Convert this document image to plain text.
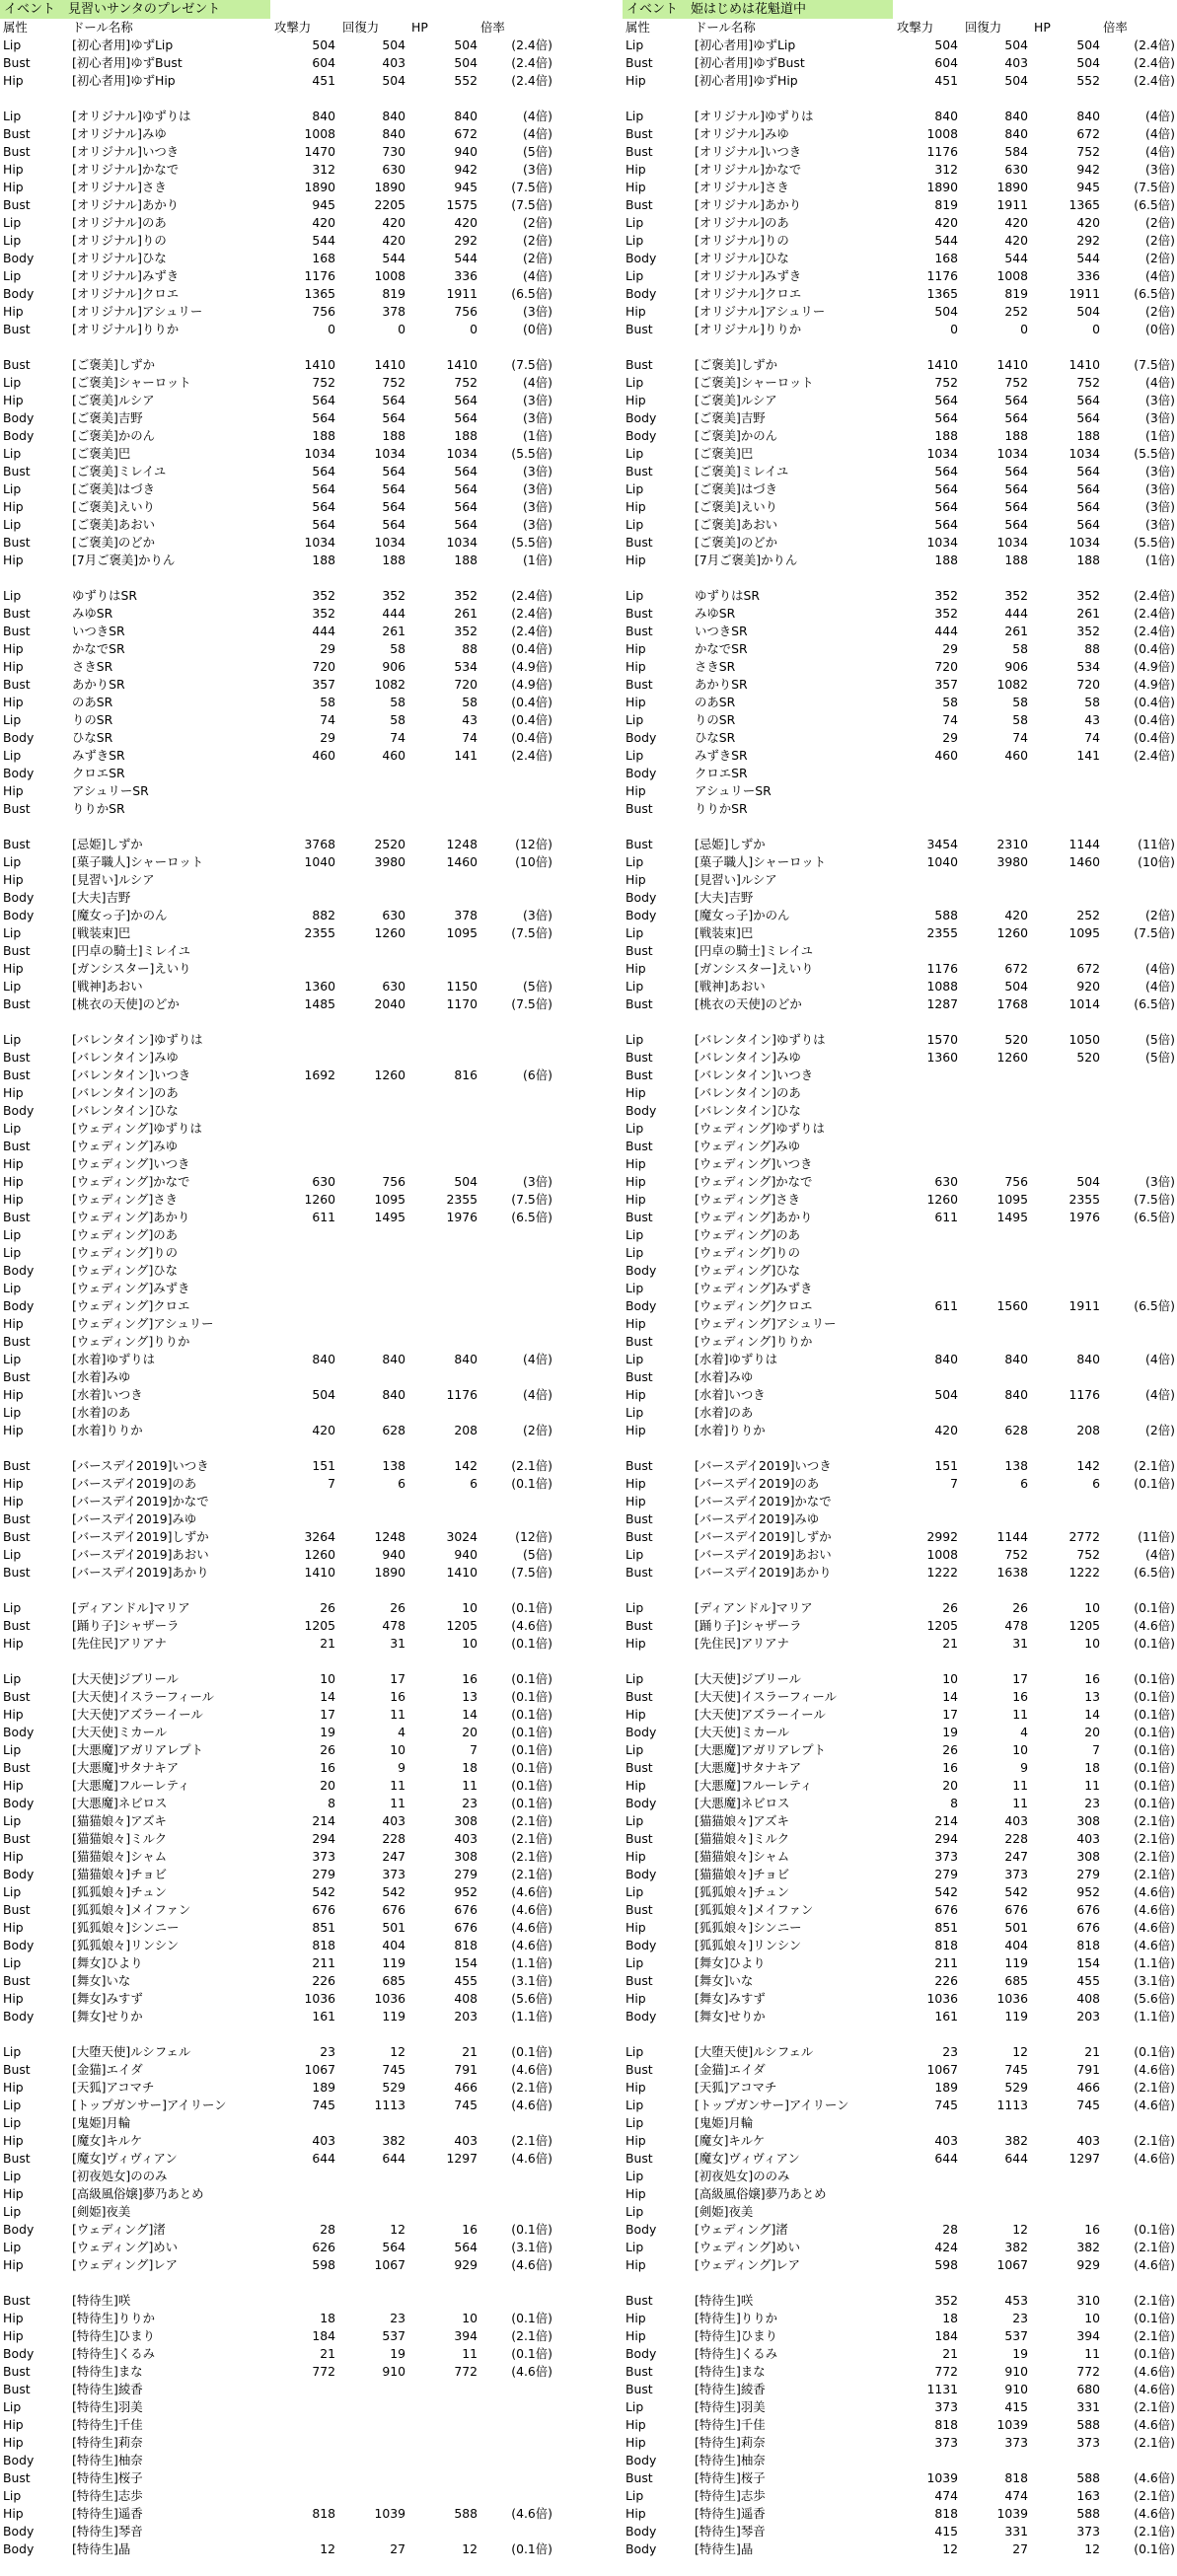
イベント 見習いサンタのプレゼント
属性	ドール名称	攻撃力	回復力	HP	倍率
Lip	[初心者用]ゆずLip	504	504	504	(2.4倍)
Bust	[初心者用]ゆずBust	604	403	504	(2.4倍)
Hip	[初心者用]ゆずHip	451	504	552	(2.4倍)
Lip	[オリジナル]ゆずりは	840	840	840	(4倍)
Bust	[オリジナル]みゆ	1008	840	672	(4倍)
Bust	[オリジナル]いつき	1470	730	940	(5倍)
Hip	[オリジナル]かなで	312	630	942	(3倍)
Hip	[オリジナル]さき	1890	1890	945	(7.5倍)
Bust	[オリジナル]あかり	945	2205	1575	(7.5倍)
Lip	[オリジナル]のあ	420	420	420	(2倍)
Lip	[オリジナル]りの	544	420	292	(2倍)
Body	[オリジナル]ひな	168	544	544	(2倍)
Lip	[オリジナル]みずき	1176	1008	336	(4倍)
Body	[オリジナル]クロエ	1365	819	1911	(6.5倍)
Hip	[オリジナル]アシュリー	756	378	756	(3倍)
Bust	[オリジナル]りりか	0	0	0	(0倍)
Bust	[ご褒美]しずか	1410	1410	1410	(7.5倍)
Lip	[ご褒美]シャーロット	752	752	752	(4倍)
Hip	[ご褒美]ルシア	564	564	564	(3倍)
Body	[ご褒美]吉野	564	564	564	(3倍)
Body	[ご褒美]かのん	188	188	188	(1倍)
Lip	[ご褒美]巴	1034	1034	1034	(5.5倍)
Bust	[ご褒美]ミレイユ	564	564	564	(3倍)
Lip	[ご褒美]はづき	564	564	564	(3倍)
Hip	[ご褒美]えいり	564	564	564	(3倍)
Lip	[ご褒美]あおい	564	564	564	(3倍)
Bust	[ご褒美]のどか	1034	1034	1034	(5.5倍)
Hip	[7月ご褒美]かりん	188	188	188	(1倍)
Lip	ゆずりはSR	352	352	352	(2.4倍)
Bust	みゆSR	352	444	261	(2.4倍)
Bust	いつきSR	444	261	352	(2.4倍)
Hip	かなでSR	29	58	88	(0.4倍)
Hip	さきSR	720	906	534	(4.9倍)
Bust	あかりSR	357	1082	720	(4.9倍)
Hip	のあSR	58	58	58	(0.4倍)
Lip	りのSR	74	58	43	(0.4倍)
Body	ひなSR	29	74	74	(0.4倍)
Lip	みずきSR	460	460	141	(2.4倍)
Body	クロエSR
Hip	アシュリーSR
Bust	りりかSR
Bust	[忌姫]しずか	3768	2520	1248	(12倍)
Lip	[菓子職人]シャーロット	1040	3980	1460	(10倍)
Hip	[見習い]ルシア
Body	[大夫]吉野
Body	[魔女っ子]かのん	882	630	378	(3倍)
Lip	[戦装束]巴	2355	1260	1095	(7.5倍)
Bust	[円卓の騎士]ミレイユ
Hip	[ガンシスター]えいり
Lip	[戦神]あおい	1360	630	1150	(5倍)
Bust	[桃衣の天使]のどか	1485	2040	1170	(7.5倍)
Lip	[バレンタイン]ゆずりは
Bust	[バレンタイン]みゆ
Bust	[バレンタイン]いつき	1692	1260	816	(6倍)
Hip	[バレンタイン]のあ
Body	[バレンタイン]ひな
Lip	[ウェディング]ゆずりは
Bust	[ウェディング]みゆ
Hip	[ウェディング]いつき
Hip	[ウェディング]かなで	630	756	504	(3倍)
Hip	[ウェディング]さき	1260	1095	2355	(7.5倍)
Bust	[ウェディング]あかり	611	1495	1976	(6.5倍)
Lip	[ウェディング]のあ
Lip	[ウェディング]りの
Body	[ウェディング]ひな
Lip	[ウェディング]みずき
Body	[ウェディング]クロエ
Hip	[ウェディング]アシュリー
Bust	[ウェディング]りりか
Lip	[水着]ゆずりは	840	840	840	(4倍)
Bust	[水着]みゆ
Hip	[水着]いつき	504	840	1176	(4倍)
Lip	[水着]のあ
Hip	[水着]りりか	420	628	208	(2倍)
Bust	[バースデイ2019]いつき	151	138	142	(2.1倍)
Hip	[バースデイ2019]のあ	7	6	6	(0.1倍)
Hip	[バースデイ2019]かなで
Bust	[バースデイ2019]みゆ
Bust	[バースデイ2019]しずか	3264	1248	3024	(12倍)
Lip	[バースデイ2019]あおい	1260	940	940	(5倍)
Bust	[バースデイ2019]あかり	1410	1890	1410	(7.5倍)
Lip	[ディアンドル]マリア	26	26	10	(0.1倍)
Bust	[踊り子]シャザーラ	1205	478	1205	(4.6倍)
Hip	[先住民]アリアナ	21	31	10	(0.1倍)
Lip	[大天使]ジブリール	10	17	16	(0.1倍)
Bust	[大天使]イスラーフィール	14	16	13	(0.1倍)
Hip	[大天使]アズラーイール	17	11	14	(0.1倍)
Body	[大天使]ミカール	19	4	20	(0.1倍)
Lip	[大悪魔]アガリアレプト	26	10	7	(0.1倍)
Bust	[大悪魔]サタナキア	16	9	18	(0.1倍)
Hip	[大悪魔]フルーレティ	20	11	11	(0.1倍)
Body	[大悪魔]ネビロス	8	11	23	(0.1倍)
Lip	[猫猫娘々]アズキ	214	403	308	(2.1倍)
Bust	[猫猫娘々]ミルク	294	228	403	(2.1倍)
Hip	[猫猫娘々]シャム	373	247	308	(2.1倍)
Body	[猫猫娘々]チョビ	279	373	279	(2.1倍)
Lip	[狐狐娘々]チュン	542	542	952	(4.6倍)
Bust	[狐狐娘々]メイファン	676	676	676	(4.6倍)
Hip	[狐狐娘々]シンニー	851	501	676	(4.6倍)
Body	[狐狐娘々]リンシン	818	404	818	(4.6倍)
Lip	[舞女]ひより	211	119	154	(1.1倍)
Bust	[舞女]いな	226	685	455	(3.1倍)
Hip	[舞女]みすず	1036	1036	408	(5.6倍)
Body	[舞女]せりか	161	119	203	(1.1倍)
Lip	[大堕天使]ルシフェル	23	12	21	(0.1倍)
Bust	[金猫]エイダ	1067	745	791	(4.6倍)
Hip	[天狐]アコマチ	189	529	466	(2.1倍)
Lip	[トップガンサー]アイリーン	745	1113	745	(4.6倍)
Lip	[鬼姫]月輪
Hip	[魔女]キルケ	403	382	403	(2.1倍)
Bust	[魔女]ヴィヴィアン	644	644	1297	(4.6倍)
Lip	[初夜処女]ののみ
Hip	[高級風俗嬢]夢乃あとめ
Lip	[剣姫]夜美
Body	[ウェディング]渚	28	12	16	(0.1倍)
Lip	[ウェディング]めい	626	564	564	(3.1倍)
Hip	[ウェディング]レア	598	1067	929	(4.6倍)
Bust	[特待生]咲
Hip	[特待生]りりか	18	23	10	(0.1倍)
Hip	[特待生]ひまり	184	537	394	(2.1倍)
Body	[特待生]くるみ	21	19	11	(0.1倍)
Bust	[特待生]まな	772	910	772	(4.6倍)
Bust	[特待生]綾香
Lip	[特待生]羽美
Hip	[特待生]千佳
Hip	[特待生]莉奈
Body	[特待生]柚奈
Bust	[特待生]桜子
Lip	[特待生]志歩
Hip	[特待生]遥香	818	1039	588	(4.6倍)
Body	[特待生]琴音
Body	[特待生]晶	12	27	12	(0.1倍)
イベント 姫はじめは花魁道中
属性	ドール名称	攻撃力	回復力	HP	倍率
Lip	[初心者用]ゆずLip	504	504	504	(2.4倍)
Bust	[初心者用]ゆずBust	604	403	504	(2.4倍)
Hip	[初心者用]ゆずHip	451	504	552	(2.4倍)
Lip	[オリジナル]ゆずりは	840	840	840	(4倍)
Bust	[オリジナル]みゆ	1008	840	672	(4倍)
Bust	[オリジナル]いつき	1176	584	752	(4倍)
Hip	[オリジナル]かなで	312	630	942	(3倍)
Hip	[オリジナル]さき	1890	1890	945	(7.5倍)
Bust	[オリジナル]あかり	819	1911	1365	(6.5倍)
Lip	[オリジナル]のあ	420	420	420	(2倍)
Lip	[オリジナル]りの	544	420	292	(2倍)
Body	[オリジナル]ひな	168	544	544	(2倍)
Lip	[オリジナル]みずき	1176	1008	336	(4倍)
Body	[オリジナル]クロエ	1365	819	1911	(6.5倍)
Hip	[オリジナル]アシュリー	504	252	504	(2倍)
Bust	[オリジナル]りりか	0	0	0	(0倍)
Bust	[ご褒美]しずか	1410	1410	1410	(7.5倍)
Lip	[ご褒美]シャーロット	752	752	752	(4倍)
Hip	[ご褒美]ルシア	564	564	564	(3倍)
Body	[ご褒美]吉野	564	564	564	(3倍)
Body	[ご褒美]かのん	188	188	188	(1倍)
Lip	[ご褒美]巴	1034	1034	1034	(5.5倍)
Bust	[ご褒美]ミレイユ	564	564	564	(3倍)
Lip	[ご褒美]はづき	564	564	564	(3倍)
Hip	[ご褒美]えいり	564	564	564	(3倍)
Lip	[ご褒美]あおい	564	564	564	(3倍)
Bust	[ご褒美]のどか	1034	1034	1034	(5.5倍)
Hip	[7月ご褒美]かりん	188	188	188	(1倍)
Lip	ゆずりはSR	352	352	352	(2.4倍)
Bust	みゆSR	352	444	261	(2.4倍)
Bust	いつきSR	444	261	352	(2.4倍)
Hip	かなでSR	29	58	88	(0.4倍)
Hip	さきSR	720	906	534	(4.9倍)
Bust	あかりSR	357	1082	720	(4.9倍)
Hip	のあSR	58	58	58	(0.4倍)
Lip	りのSR	74	58	43	(0.4倍)
Body	ひなSR	29	74	74	(0.4倍)
Lip	みずきSR	460	460	141	(2.4倍)
Body	クロエSR
Hip	アシュリーSR
Bust	りりかSR
Bust	[忌姫]しずか	3454	2310	1144	(11倍)
Lip	[菓子職人]シャーロット	1040	3980	1460	(10倍)
Hip	[見習い]ルシア
Body	[大夫]吉野
Body	[魔女っ子]かのん	588	420	252	(2倍)
Lip	[戦装束]巴	2355	1260	1095	(7.5倍)
Bust	[円卓の騎士]ミレイユ
Hip	[ガンシスター]えいり	1176	672	672	(4倍)
Lip	[戦神]あおい	1088	504	920	(4倍)
Bust	[桃衣の天使]のどか	1287	1768	1014	(6.5倍)
Lip	[バレンタイン]ゆずりは	1570	520	1050	(5倍)
Bust	[バレンタイン]みゆ	1360	1260	520	(5倍)
Bust	[バレンタイン]いつき
Hip	[バレンタイン]のあ
Body	[バレンタイン]ひな
Lip	[ウェディング]ゆずりは
Bust	[ウェディング]みゆ
Hip	[ウェディング]いつき
Hip	[ウェディング]かなで	630	756	504	(3倍)
Hip	[ウェディング]さき	1260	1095	2355	(7.5倍)
Bust	[ウェディング]あかり	611	1495	1976	(6.5倍)
Lip	[ウェディング]のあ
Lip	[ウェディング]りの
Body	[ウェディング]ひな
Lip	[ウェディング]みずき
Body	[ウェディング]クロエ	611	1560	1911	(6.5倍)
Hip	[ウェディング]アシュリー
Bust	[ウェディング]りりか
Lip	[水着]ゆずりは	840	840	840	(4倍)
Bust	[水着]みゆ
Hip	[水着]いつき	504	840	1176	(4倍)
Lip	[水着]のあ
Hip	[水着]りりか	420	628	208	(2倍)
Bust	[バースデイ2019]いつき	151	138	142	(2.1倍)
Hip	[バースデイ2019]のあ	7	6	6	(0.1倍)
Hip	[バースデイ2019]かなで
Bust	[バースデイ2019]みゆ
Bust	[バースデイ2019]しずか	2992	1144	2772	(11倍)
Lip	[バースデイ2019]あおい	1008	752	752	(4倍)
Bust	[バースデイ2019]あかり	1222	1638	1222	(6.5倍)
Lip	[ディアンドル]マリア	26	26	10	(0.1倍)
Bust	[踊り子]シャザーラ	1205	478	1205	(4.6倍)
Hip	[先住民]アリアナ	21	31	10	(0.1倍)
Lip	[大天使]ジブリール	10	17	16	(0.1倍)
Bust	[大天使]イスラーフィール	14	16	13	(0.1倍)
Hip	[大天使]アズラーイール	17	11	14	(0.1倍)
Body	[大天使]ミカール	19	4	20	(0.1倍)
Lip	[大悪魔]アガリアレプト	26	10	7	(0.1倍)
Bust	[大悪魔]サタナキア	16	9	18	(0.1倍)
Hip	[大悪魔]フルーレティ	20	11	11	(0.1倍)
Body	[大悪魔]ネビロス	8	11	23	(0.1倍)
Lip	[猫猫娘々]アズキ	214	403	308	(2.1倍)
Bust	[猫猫娘々]ミルク	294	228	403	(2.1倍)
Hip	[猫猫娘々]シャム	373	247	308	(2.1倍)
Body	[猫猫娘々]チョビ	279	373	279	(2.1倍)
Lip	[狐狐娘々]チュン	542	542	952	(4.6倍)
Bust	[狐狐娘々]メイファン	676	676	676	(4.6倍)
Hip	[狐狐娘々]シンニー	851	501	676	(4.6倍)
Body	[狐狐娘々]リンシン	818	404	818	(4.6倍)
Lip	[舞女]ひより	211	119	154	(1.1倍)
Bust	[舞女]いな	226	685	455	(3.1倍)
Hip	[舞女]みすず	1036	1036	408	(5.6倍)
Body	[舞女]せりか	161	119	203	(1.1倍)
Lip	[大堕天使]ルシフェル	23	12	21	(0.1倍)
Bust	[金猫]エイダ	1067	745	791	(4.6倍)
Hip	[天狐]アコマチ	189	529	466	(2.1倍)
Lip	[トップガンサー]アイリーン	745	1113	745	(4.6倍)
Lip	[鬼姫]月輪
Hip	[魔女]キルケ	403	382	403	(2.1倍)
Bust	[魔女]ヴィヴィアン	644	644	1297	(4.6倍)
Lip	[初夜処女]ののみ
Hip	[高級風俗嬢]夢乃あとめ
Lip	[剣姫]夜美
Body	[ウェディング]渚	28	12	16	(0.1倍)
Lip	[ウェディング]めい	424	382	382	(2.1倍)
Hip	[ウェディング]レア	598	1067	929	(4.6倍)
Bust	[特待生]咲	352	453	310	(2.1倍)
Hip	[特待生]りりか	18	23	10	(0.1倍)
Hip	[特待生]ひまり	184	537	394	(2.1倍)
Body	[特待生]くるみ	21	19	11	(0.1倍)
Bust	[特待生]まな	772	910	772	(4.6倍)
Bust	[特待生]綾香	1131	910	680	(4.6倍)
Lip	[特待生]羽美	373	415	331	(2.1倍)
Hip	[特待生]千佳	818	1039	588	(4.6倍)
Hip	[特待生]莉奈	373	373	373	(2.1倍)
Body	[特待生]柚奈
Bust	[特待生]桜子	1039	818	588	(4.6倍)
Lip	[特待生]志歩	474	474	163	(2.1倍)
Hip	[特待生]遥香	818	1039	588	(4.6倍)
Body	[特待生]琴音	415	331	373	(2.1倍)
Body	[特待生]晶	12	27	12	(0.1倍)
